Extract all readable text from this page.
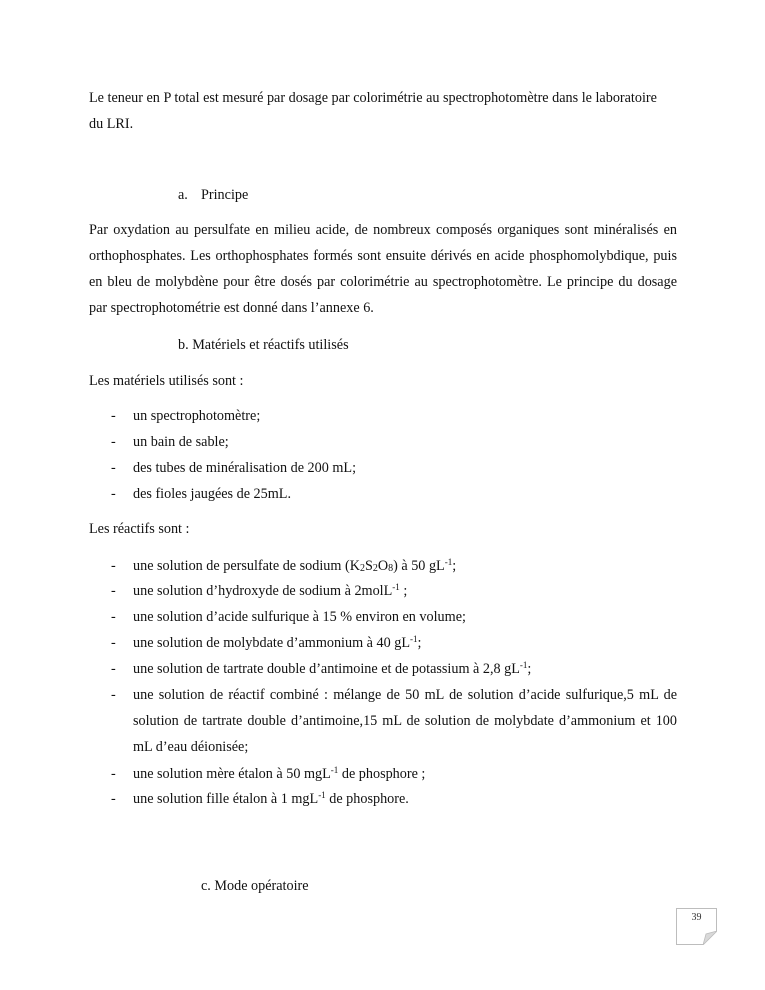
Le teneur en P total est mesuré par dosage par colorimétrie au spectrophotomètre dans le laboratoire

du LRI.

a. Principe

Par oxydation au persulfate en milieu acide, de nombreux composés organiques sont minéralisés en orthophosphates. Les orthophosphates formés sont ensuite dérivés en acide phosphomolybdique, puis en bleu de molybdène pour être dosés par colorimétrie au spectrophotomètre. Le principe du dosage par spectrophotométrie est donné dans l’annexe 6.

b. Matériels et réactifs utilisés

Les matériels utilisés sont :

- un spectrophotomètre;
- un bain de sable;
- des tubes de minéralisation de 200 mL;
- des fioles jaugées de 25mL.

Les réactifs sont :

- une solution de persulfate de sodium $(K_2S_2O_8)$ à 50 $gL^{-1}$;
- une solution d’hydroxyde de sodium à 2molL$^{-1}$ ;
- une solution d’acide sulfurique à 15 % environ en volume;
- une solution de molybdate d’ammonium à 40 $gL^{-1}$;
- une solution de tartrate double d’antimoine et de potassium à 2,8 $gL^{-1}$;
- une solution de réactif combiné : mélange de 50 mL de solution d’acide sulfurique,5 mL de solution de tartrate double d’antimoine,15 mL de solution de molybdate d’ammonium et 100 mL d’eau déionisée;
- une solution mère étalon à 50 mgL$^{-1}$ de phosphore ;
- une solution fille étalon à 1 mgL$^{-1}$ de phosphore.

c. Mode opératoire

39
